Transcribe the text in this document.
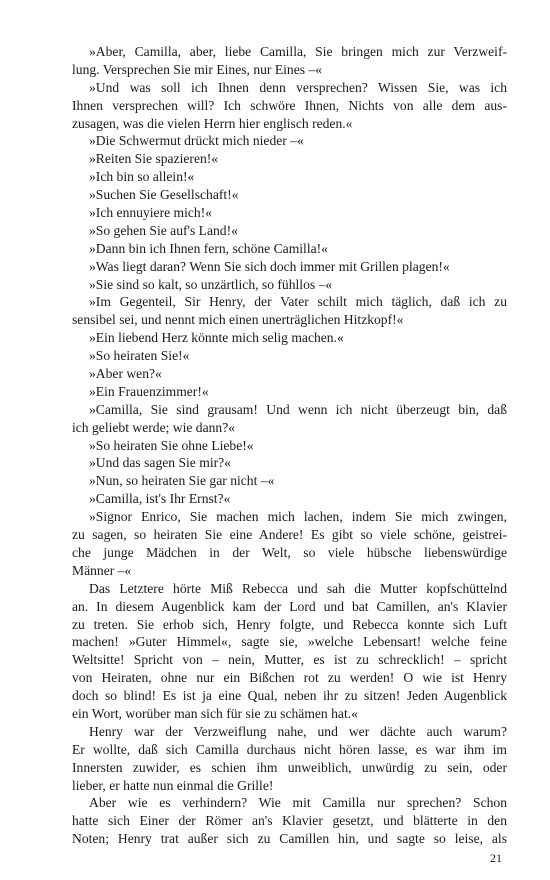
»Aber, Camilla, aber, liebe Camilla, Sie bringen mich zur Verzweif-
lung. Versprechen Sie mir Eines, nur Eines –«
»Und was soll ich Ihnen denn versprechen? Wissen Sie, was ich
Ihnen versprechen will? Ich schwöre Ihnen, Nichts von alle dem aus-
zusagen, was die vielen Herrn hier englisch reden.«
»Die Schwermut drückt mich nieder –«
»Reiten Sie spazieren!«
»Ich bin so allein!«
»Suchen Sie Gesellschaft!«
»Ich ennuyiere mich!«
»So gehen Sie auf's Land!«
»Dann bin ich Ihnen fern, schöne Camilla!«
»Was liegt daran? Wenn Sie sich doch immer mit Grillen plagen!«
»Sie sind so kalt, so unzärtlich, so fühllos –«
»Im Gegenteil, Sir Henry, der Vater schilt mich täglich, daß ich zu
sensibel sei, und nennt mich einen unerträglichen Hitzkopf!«
»Ein liebend Herz könnte mich selig machen.«
»So heiraten Sie!«
»Aber wen?«
»Ein Frauenzimmer!«
»Camilla, Sie sind grausam! Und wenn ich nicht überzeugt bin, daß
ich geliebt werde; wie dann?«
»So heiraten Sie ohne Liebe!«
»Und das sagen Sie mir?«
»Nun, so heiraten Sie gar nicht –«
»Camilla, ist's Ihr Ernst?«
»Signor Enrico, Sie machen mich lachen, indem Sie mich zwingen,
zu sagen, so heiraten Sie eine Andere! Es gibt so viele schöne, geistrei-
che junge Mädchen in der Welt, so viele hübsche liebenswürdige
Männer –«
Das Letztere hörte Miß Rebecca und sah die Mutter kopfschüttelnd
an. In diesem Augenblick kam der Lord und bat Camillen, an's Klavier
zu treten. Sie erhob sich, Henry folgte, und Rebecca konnte sich Luft
machen! »Guter Himmel«, sagte sie, »welche Lebensart! welche feine
Weltsitte! Spricht von – nein, Mutter, es ist zu schrecklich! – spricht
von Heiraten, ohne nur ein Bißchen rot zu werden! O wie ist Henry
doch so blind! Es ist ja eine Qual, neben ihr zu sitzen! Jeden Augenblick
ein Wort, worüber man sich für sie zu schämen hat.«
Henry war der Verzweiflung nahe, und wer dächte auch warum?
Er wollte, daß sich Camilla durchaus nicht hören lasse, es war ihm im
Innersten zuwider, es schien ihm unweiblich, unwürdig zu sein, oder
lieber, er hatte nun einmal die Grille!
Aber wie es verhindern? Wie mit Camilla nur sprechen? Schon
hatte sich Einer der Römer an's Klavier gesetzt, und blätterte in den
Noten; Henry trat außer sich zu Camillen hin, und sagte so leise, als
21
